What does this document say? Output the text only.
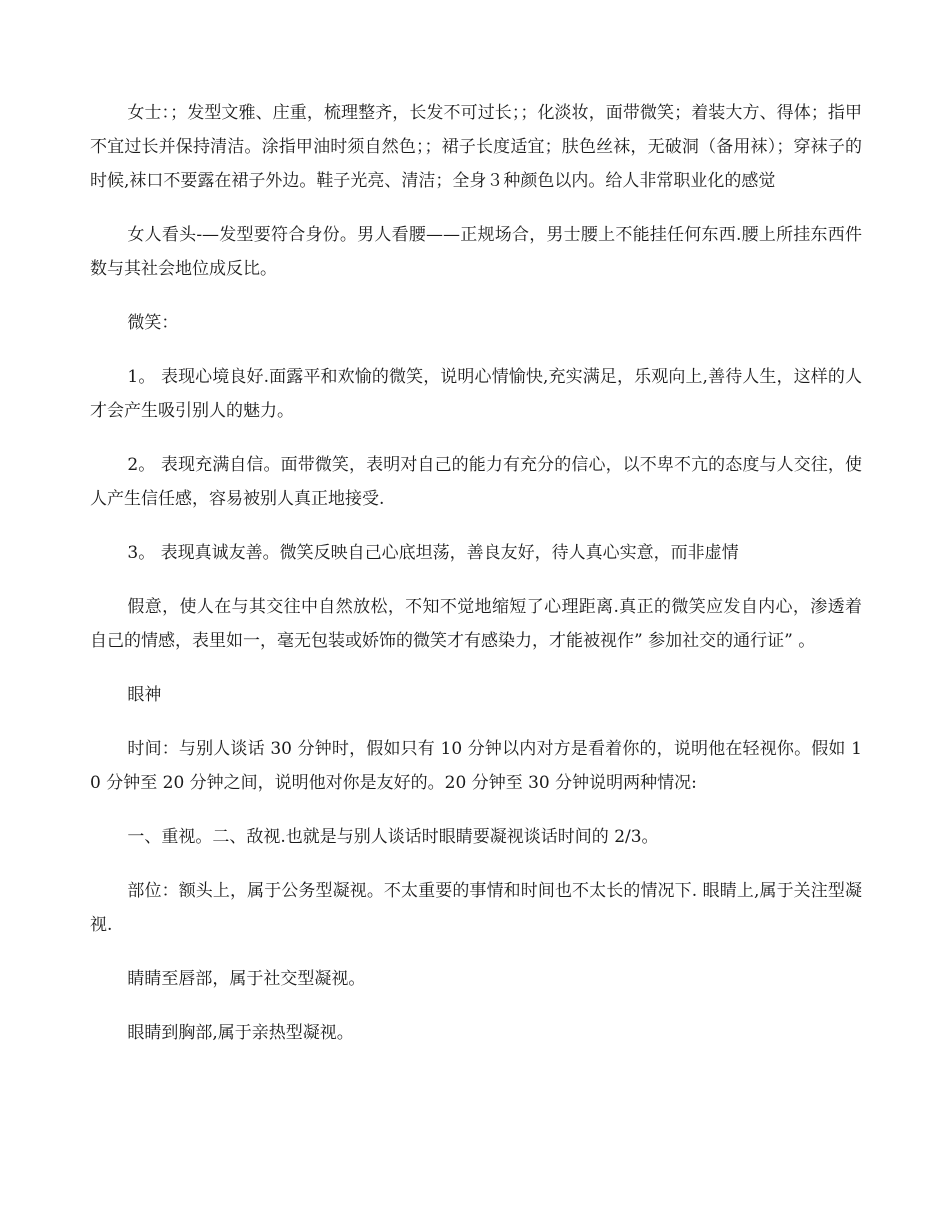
女士：；发型文雅、庄重，梳理整齐，长发不可过长；；化淡妆，面带微笑；着装大方、得体；指甲不宜过长并保持清洁。涂指甲油时须自然色；；裙子长度适宜；肤色丝袜，无破洞（备用袜）；穿袜子的时候,袜口不要露在裙子外边。鞋子光亮、清洁；全身３种颜色以内。给人非常职业化的感觉

女人看头-—发型要符合身份。男人看腰——正规场合，男士腰上不能挂任何东西.腰上所挂东西件数与其社会地位成反比。

微笑：

1。 表现心境良好.面露平和欢愉的微笑，说明心情愉快,充实满足，乐观向上,善待人生，这样的人才会产生吸引别人的魅力。

2。 表现充满自信。面带微笑，表明对自己的能力有充分的信心，以不卑不亢的态度与人交往，使人产生信任感，容易被别人真正地接受.

3。 表现真诚友善。微笑反映自己心底坦荡，善良友好，待人真心实意，而非虚情

假意，使人在与其交往中自然放松，不知不觉地缩短了心理距离.真正的微笑应发自内心，渗透着自己的情感，表里如一，毫无包装或娇饰的微笑才有感染力，才能被视作” 参加社交的通行证” 。

眼神

时间：与别人谈话 30 分钟时，假如只有 10 分钟以内对方是看着你的，说明他在轻视你。假如 10 分钟至 20 分钟之间，说明他对你是友好的。20 分钟至 30 分钟说明两种情况:

一、重视。二、敌视.也就是与别人谈话时眼睛要凝视谈话时间的 2/3。

部位：额头上，属于公务型凝视。不太重要的事情和时间也不太长的情况下. 眼睛上,属于关注型凝视.

睛睛至唇部，属于社交型凝视。

眼睛到胸部,属于亲热型凝视。
